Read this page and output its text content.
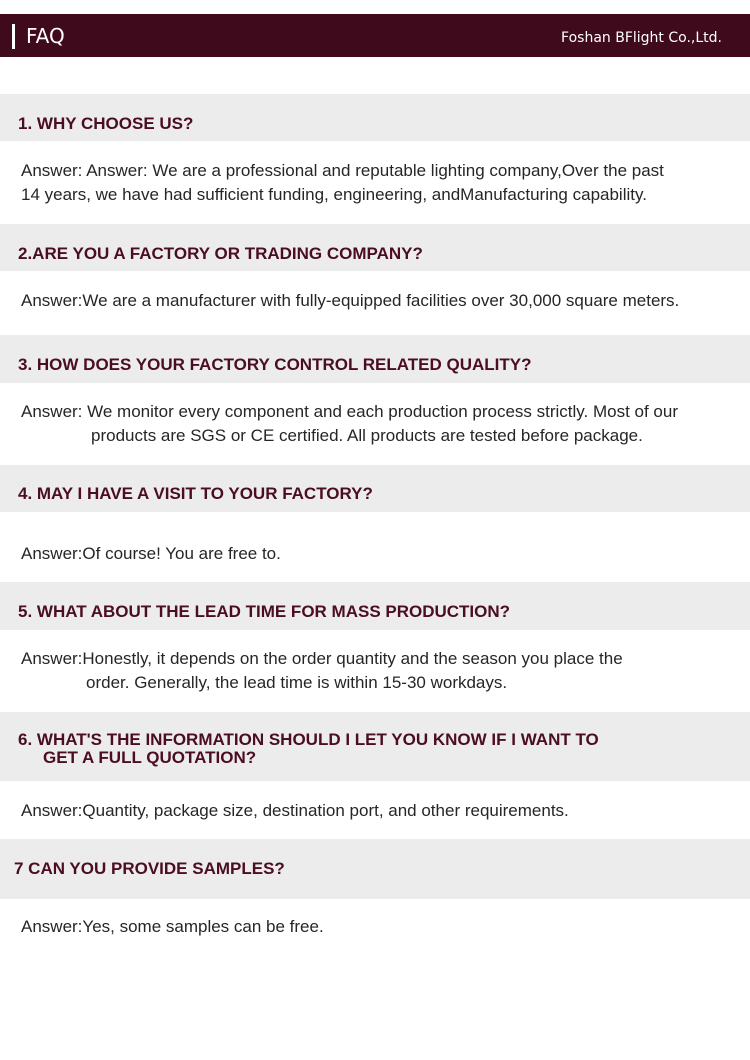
FAQ	Foshan BFlight Co.,Ltd.
1. WHY CHOOSE US?
Answer: Answer: We are a professional and reputable lighting company,Over the past
14 years, we have had sufficient funding, engineering, andManufacturing capability.
2.ARE YOU A FACTORY OR TRADING COMPANY?
Answer:We are a manufacturer with fully-equipped facilities over 30,000 square meters.
3. HOW DOES YOUR FACTORY CONTROL RELATED QUALITY?
Answer: We monitor every component and each production process strictly. Most of our
products are SGS or CE certified. All products are tested before package.
4. MAY I HAVE A VISIT TO YOUR FACTORY?
Answer:Of course! You are free to.
5. WHAT ABOUT THE LEAD TIME FOR MASS PRODUCTION?
Answer:Honestly, it depends on the order quantity and the season you place the
order. Generally, the lead time is within 15-30 workdays.
6. WHAT'S THE INFORMATION SHOULD I LET YOU KNOW IF I WANT TO
GET A FULL QUOTATION?
Answer:Quantity, package size, destination port, and other requirements.
7 CAN YOU PROVIDE SAMPLES?
Answer:Yes, some samples can be free.
